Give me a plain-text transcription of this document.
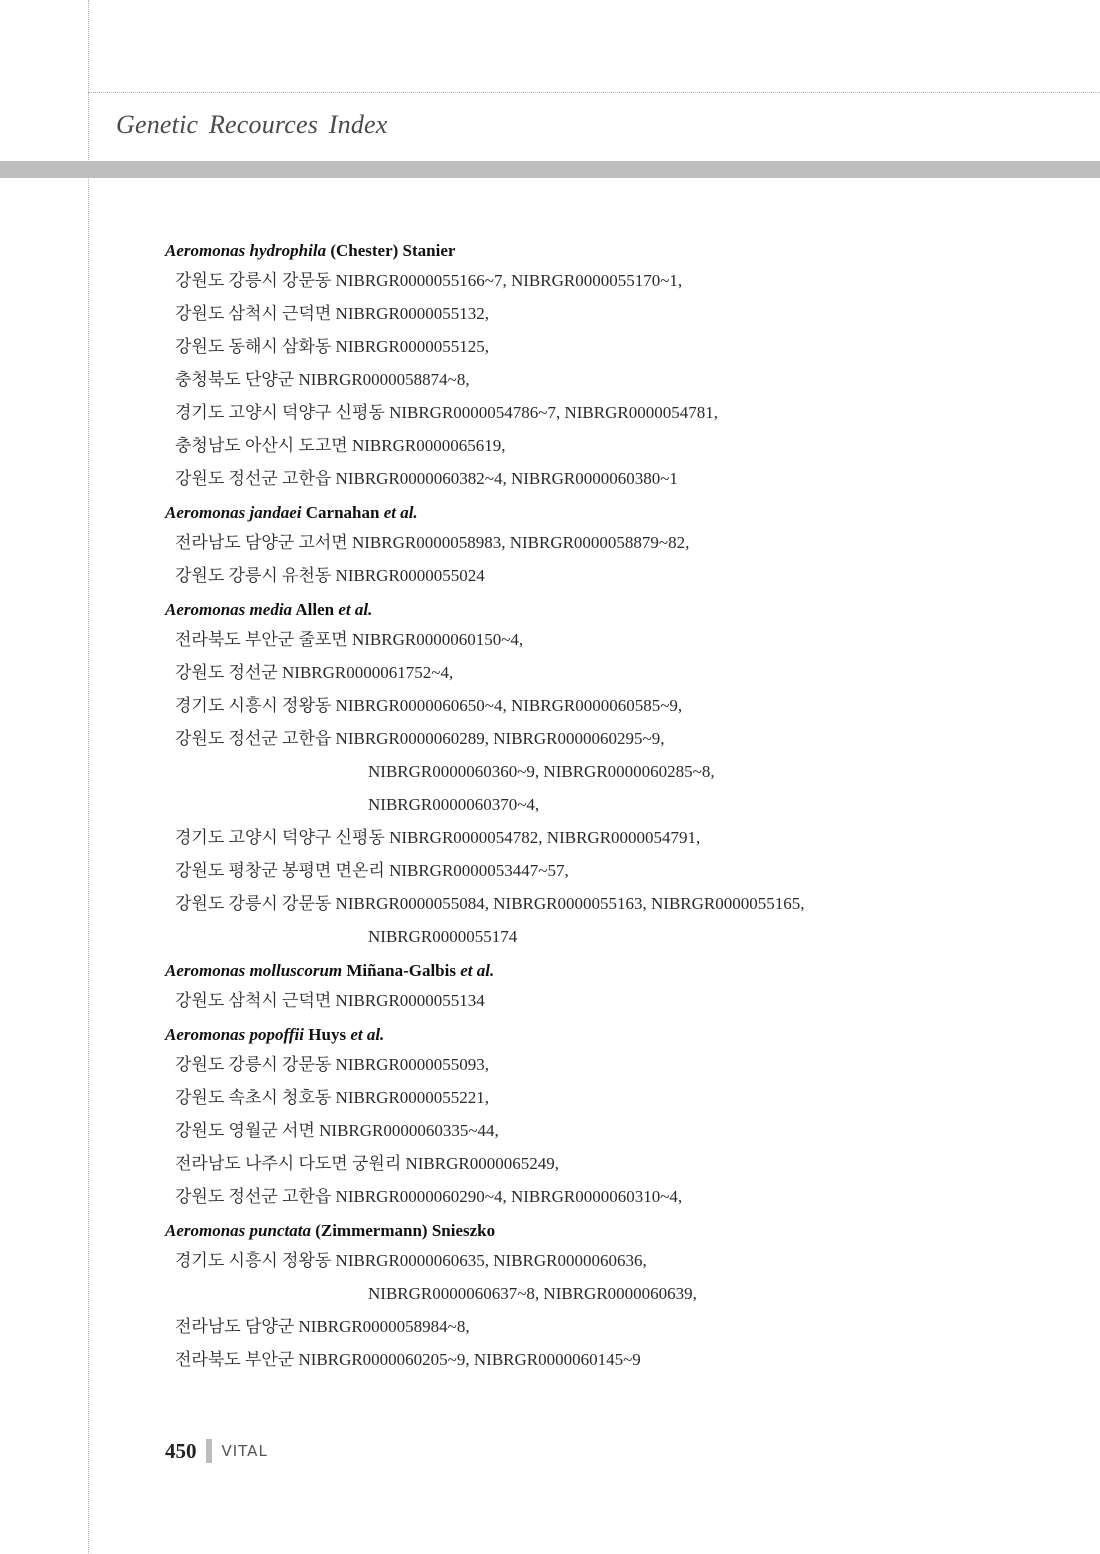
Genetic Recources Index
Aeromonas hydrophila (Chester) Stanier
강원도 강릉시 강문동 NIBRGR0000055166~7, NIBRGR0000055170~1,
강원도 삼척시 근덕면 NIBRGR0000055132,
강원도 동해시 삼화동 NIBRGR0000055125,
충청북도 단양군 NIBRGR0000058874~8,
경기도 고양시 덕양구 신평동 NIBRGR0000054786~7, NIBRGR0000054781,
충청남도 아산시 도고면 NIBRGR0000065619,
강원도 정선군 고한읍 NIBRGR0000060382~4, NIBRGR0000060380~1
Aeromonas jandaei Carnahan et al.
전라남도 담양군 고서면 NIBRGR0000058983, NIBRGR0000058879~82,
강원도 강릉시 유천동 NIBRGR0000055024
Aeromonas media Allen et al.
전라북도 부안군 줄포면 NIBRGR0000060150~4,
강원도 정선군 NIBRGR0000061752~4,
경기도 시흥시 정왕동 NIBRGR0000060650~4, NIBRGR0000060585~9,
강원도 정선군 고한읍 NIBRGR0000060289, NIBRGR0000060295~9,
NIBRGR0000060360~9, NIBRGR0000060285~8,
NIBRGR0000060370~4,
경기도 고양시 덕양구 신평동 NIBRGR0000054782, NIBRGR0000054791,
강원도 평창군 봉평면 면온리 NIBRGR0000053447~57,
강원도 강릉시 강문동 NIBRGR0000055084, NIBRGR0000055163, NIBRGR0000055165,
NIBRGR0000055174
Aeromonas molluscorum Miñana-Galbis et al.
강원도 삼척시 근덕면 NIBRGR0000055134
Aeromonas popoffii Huys et al.
강원도 강릉시 강문동 NIBRGR0000055093,
강원도 속초시 청호동 NIBRGR0000055221,
강원도 영월군 서면 NIBRGR0000060335~44,
전라남도 나주시 다도면 궁원리 NIBRGR0000065249,
강원도 정선군 고한읍 NIBRGR0000060290~4, NIBRGR0000060310~4,
Aeromonas punctata (Zimmermann) Snieszko
경기도 시흥시 정왕동 NIBRGR0000060635, NIBRGR0000060636,
NIBRGR0000060637~8, NIBRGR0000060639,
전라남도 담양군 NIBRGR0000058984~8,
전라북도 부안군 NIBRGR0000060205~9, NIBRGR0000060145~9
450 VITAL
